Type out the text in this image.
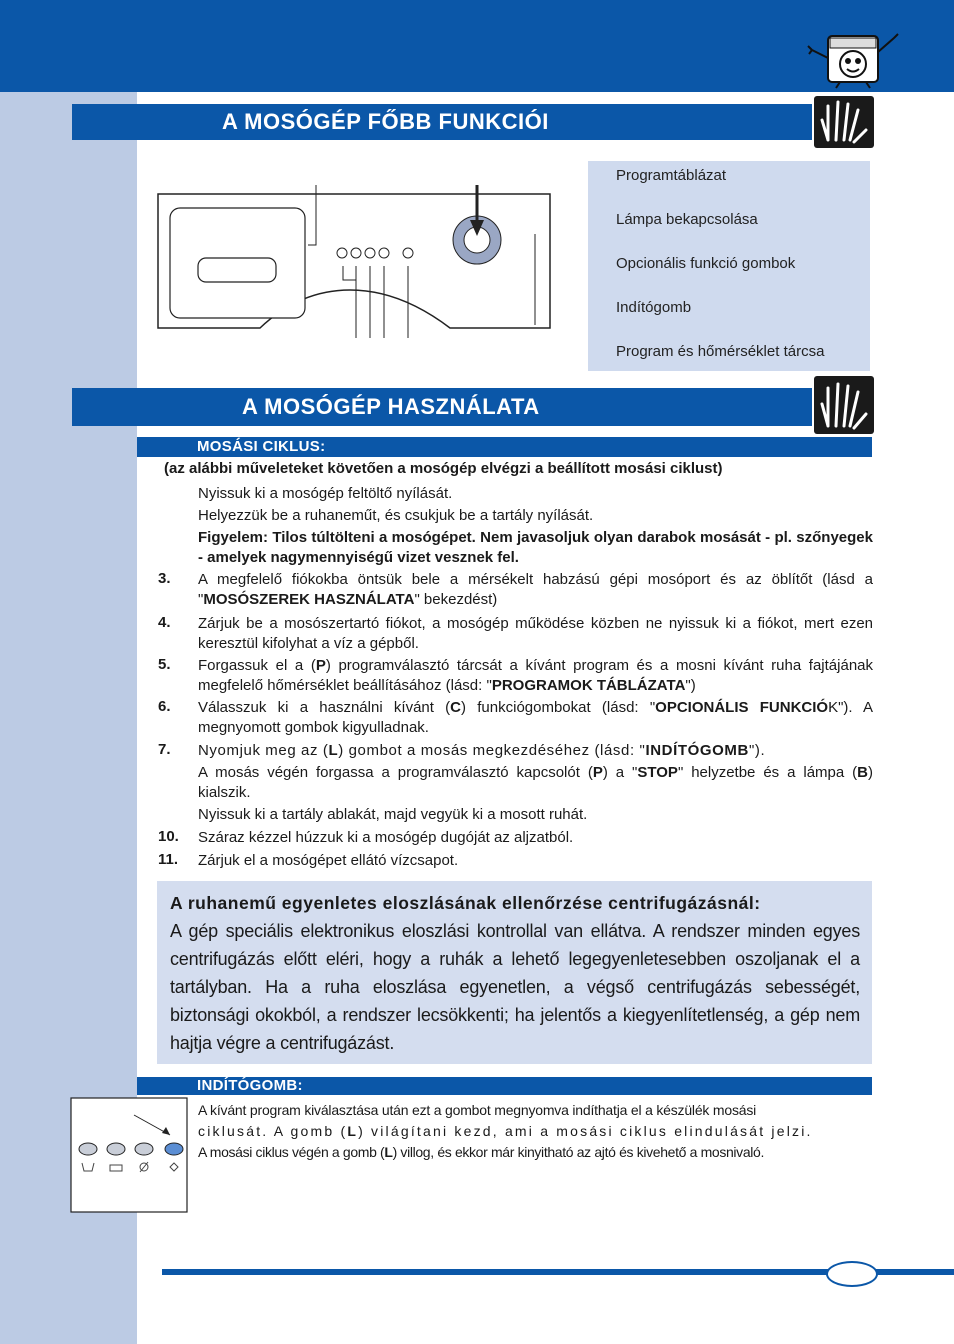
A MOSÓGÉP FŐBB FUNKCIÓI
Programtáblázat
Lámpa bekapcsolása
Opcionális funkció gombok
Indítógomb
Program és hőmérséklet tárcsa
A MOSÓGÉP HASZNÁLATA
MOSÁSI CIKLUS:
(az alábbi műveleteket követően a mosógép elvégzi a beállított mosási ciklust)
Nyissuk ki a mosógép feltöltő nyílását.
Helyezzük be a ruhaneműt, és csukjuk be a tartály nyílását.
Figyelem: Tilos túltölteni a mosógépet. Nem javasoljuk olyan darabok mosását - pl. szőnyegek - amelyek nagymennyiségű vizet vesznek fel.
3. A megfelelő fiókokba öntsük bele a mérsékelt habzású gépi mosóport és az öblítőt (lásd a "MOSÓSZEREK HASZNÁLATA" bekezdést)
4. Zárjuk be a mosószertartó fiókot, a mosógép működése közben ne nyissuk ki a fiókot, mert ezen keresztül kifolyhat a víz a gépből.
5. Forgassuk el a (P) programválasztó tárcsát a kívánt program és a mosni kívánt ruha fajtájának megfelelő hőmérséklet beállításához (lásd: "PROGRAMOK TÁBLÁZATA")
6. Válasszuk ki a használni kívánt (C) funkciógombokat (lásd: "OPCIONÁLIS FUNKCIÓK"). A megnyomott gombok kigyulladnak.
7. Nyomjuk meg az (L) gombot a mosás megkezdéséhez (lásd: "INDÍTÓGOMB").
A mosás végén forgassa a programválasztó kapcsolót (P) a "STOP" helyzetbe és a lámpa (B) kialszik.
Nyissuk ki a tartály ablakát, majd vegyük ki a mosott ruhát.
10. Száraz kézzel húzzuk ki a mosógép dugóját az aljzatból.
11. Zárjuk el a mosógépet ellátó vízcsapot.
A ruhanemű egyenletes eloszlásának ellenőrzése centrifugázásnál:
A gép speciális elektronikus eloszlási kontrollal van ellátva. A rendszer minden egyes centrifugázás előtt eléri, hogy a ruhák a lehető legegyenletesebben oszoljanak el a tartályban. Ha a ruha eloszlása egyenetlen, a végső centrifugázás sebességét, biztonsági okokból, a rendszer lecsökkenti; ha jelentős a kiegyenlítetlenség, a gép nem hajtja végre a centrifugázást.
INDÍTÓGOMB:
A kívánt program kiválasztása után ezt a gombot megnyomva indíthatja el a készülék mosási
ciklusát. A gomb (L) világítani kezd, ami a mosási ciklus elindulását jelzi.
A mosási ciklus végén a gomb (L) villog, és ekkor már kinyitható az ajtó és kivehető a mosnivaló.
